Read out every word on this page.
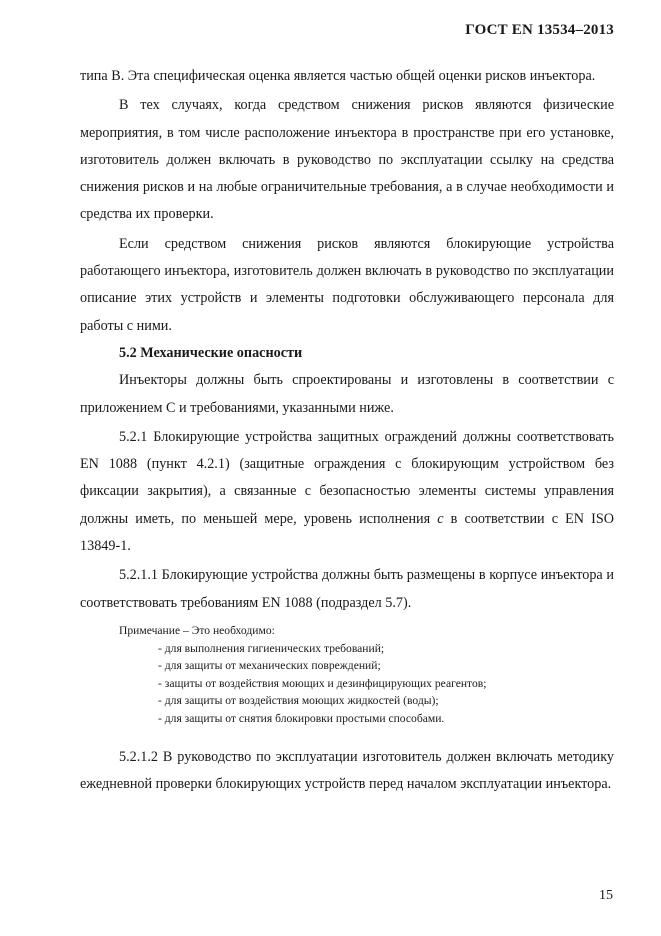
ГОСТ EN 13534–2013

типа В. Эта специфическая оценка является частью общей оценки рисков инъектора.

В тех случаях, когда средством снижения рисков являются физические мероприятия, в том числе расположение инъектора в пространстве при его установке, изготовитель должен включать в руководство по эксплуатации ссылку на средства снижения рисков и на любые ограничительные требования, а в случае необходимости и средства их проверки.

Если средством снижения рисков являются блокирующие устройства работающего инъектора, изготовитель должен включать в руководство по эксплуатации описание этих устройств и элементы подготовки обслуживающего персонала для работы с ними.

5.2 Механические опасности

Инъекторы должны быть спроектированы и изготовлены в соответствии с приложением С и требованиями, указанными ниже.

5.2.1 Блокирующие устройства защитных ограждений должны соответствовать EN 1088 (пункт 4.2.1) (защитные ограждения с блокирующим устройством без фиксации закрытия), а связанные с безопасностью элементы системы управления должны иметь, по меньшей мере, уровень исполнения c в соответствии с EN ISO 13849-1.

5.2.1.1 Блокирующие устройства должны быть размещены в корпусе инъектора и соответствовать требованиям EN 1088 (подраздел 5.7).

Примечание – Это необходимо:
- для выполнения гигиенических требований;
- для защиты от механических повреждений;
- защиты от воздействия моющих и дезинфицирующих реагентов;
- для защиты от воздействия моющих жидкостей (воды);
- для защиты от снятия блокировки простыми способами.

5.2.1.2 В руководство по эксплуатации изготовитель должен включать методику ежедневной проверки блокирующих устройств перед началом эксплуатации инъектора.

15
